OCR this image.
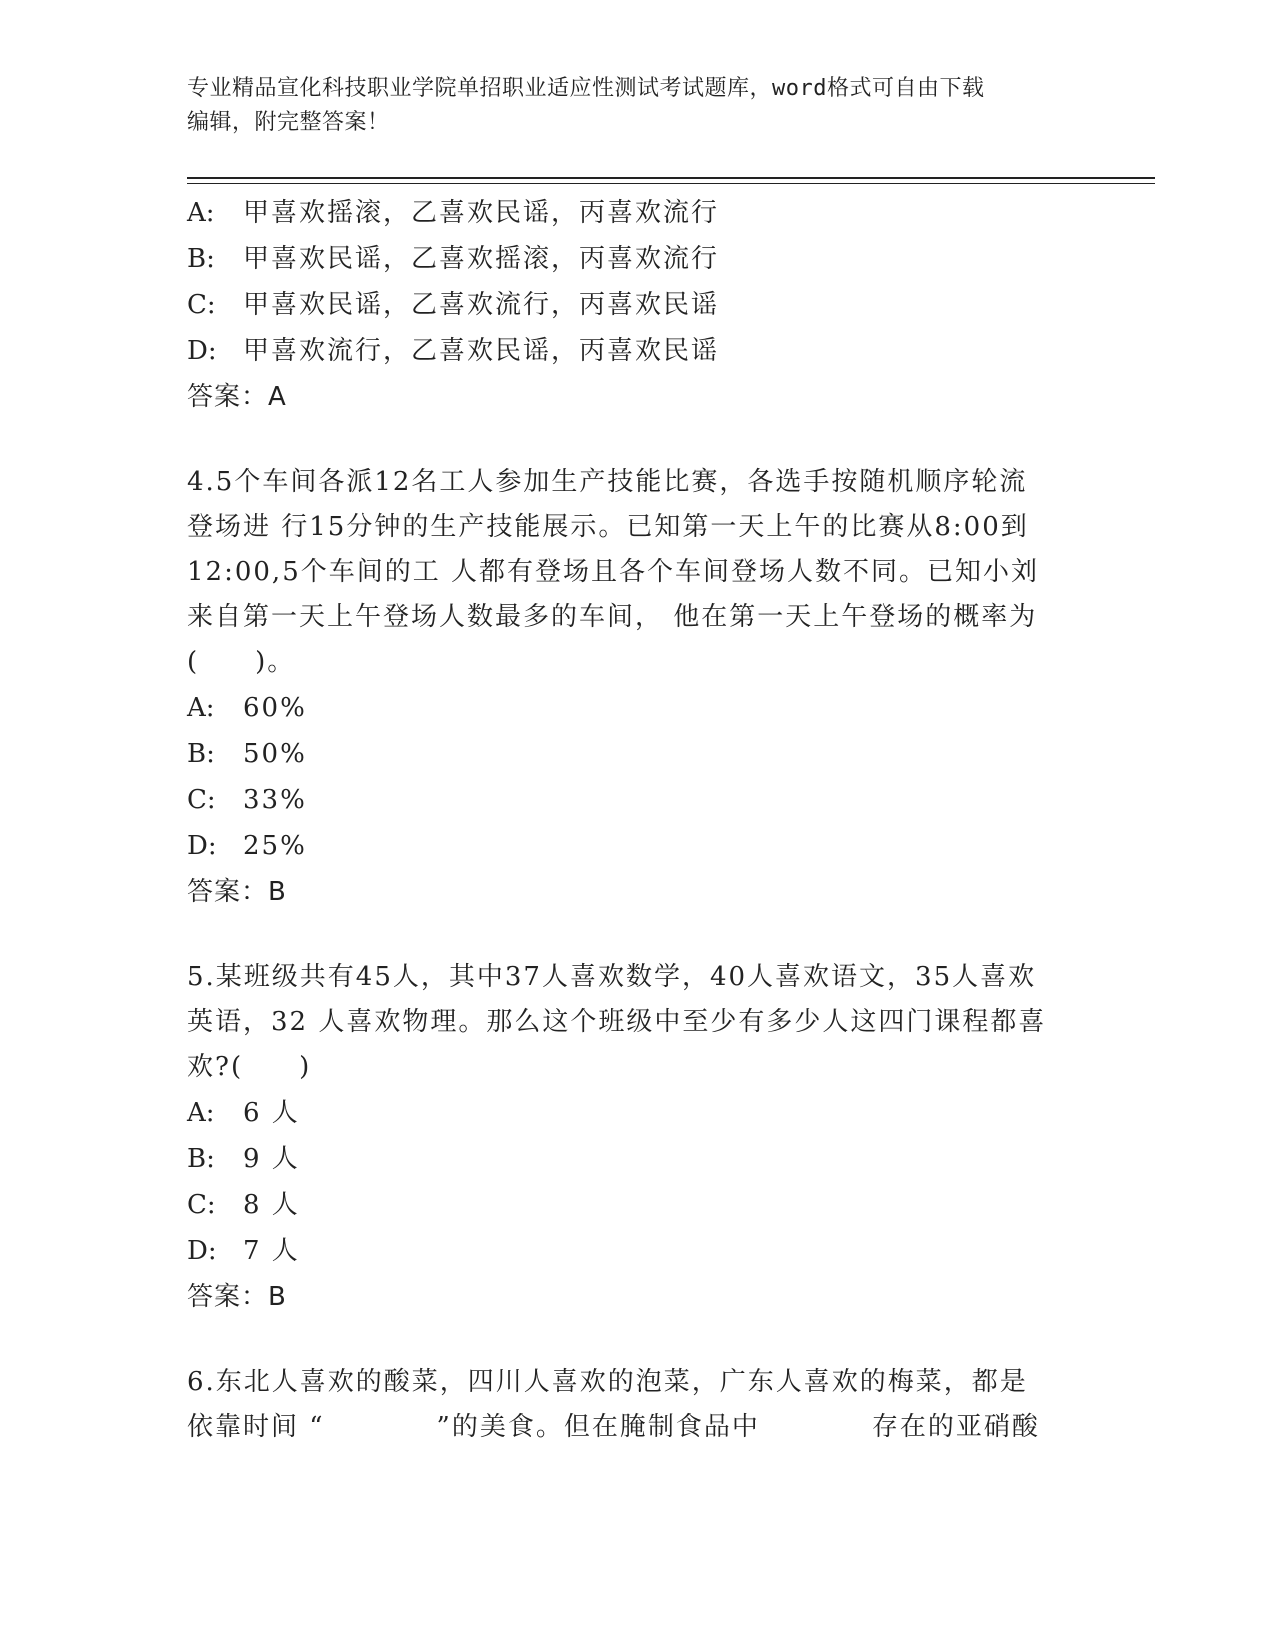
专业精品宣化科技职业学院单招职业适应性测试考试题库，word格式可自由下载
编辑，附完整答案！
A: 甲喜欢摇滚，乙喜欢民谣，丙喜欢流行
B: 甲喜欢民谣，乙喜欢摇滚，丙喜欢流行
C: 甲喜欢民谣，乙喜欢流行，丙喜欢民谣
D: 甲喜欢流行，乙喜欢民谣，丙喜欢民谣
答案：A
4.5个车间各派12名工人参加生产技能比赛，各选手按随机顺序轮流
登场进 行15分钟的生产技能展示。已知第一天上午的比赛从8:00到
12:00,5个车间的工 人都有登场且各个车间登场人数不同。已知小刘
来自第一天上午登场人数最多的车间， 他在第一天上午登场的概率为
(　　)。
A: 60%
B: 50%
C: 33%
D: 25%
答案：B
5.某班级共有45人，其中37人喜欢数学，40人喜欢语文，35人喜欢
英语，32 人喜欢物理。那么这个班级中至少有多少人这四门课程都喜
欢?(　　)
A: 6 人
B: 9 人
C: 8 人
D: 7 人
答案：B
6.东北人喜欢的酸菜，四川人喜欢的泡菜，广东人喜欢的梅菜，都是
依靠时间 “　　　　”的美食。但在腌制食品中　　　　存在的亚硝酸
